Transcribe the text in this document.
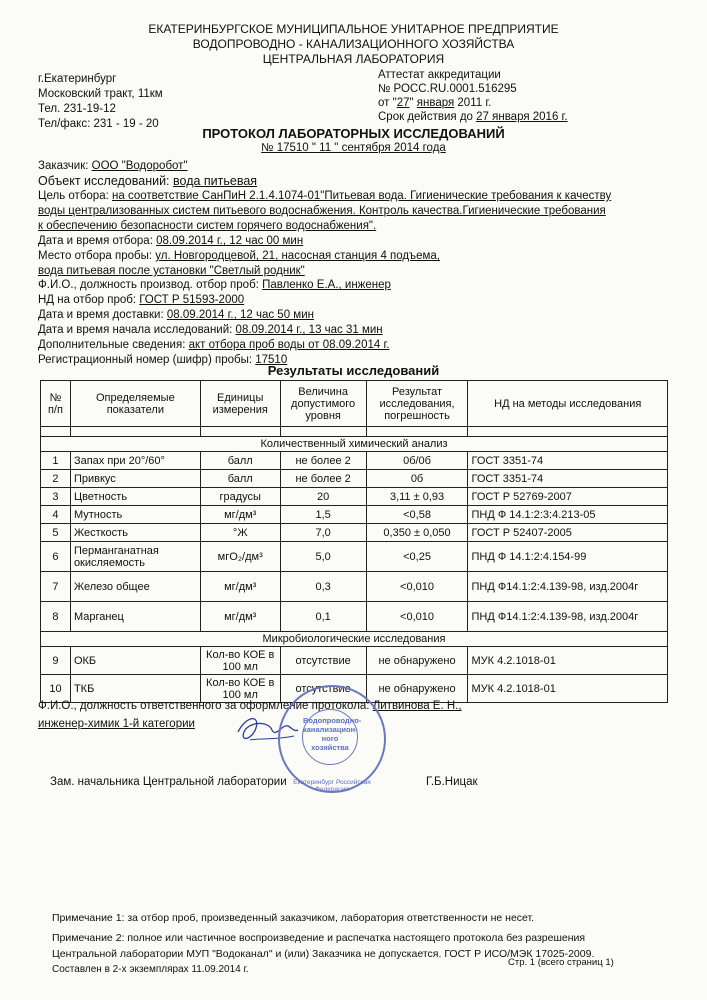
ЕКАТЕРИНБУРГСКОЕ МУНИЦИПАЛЬНОЕ УНИТАРНОЕ ПРЕДПРИЯТИЕ
ВОДОПРОВОДНО - КАНАЛИЗАЦИОННОГО ХОЗЯЙСТВА
ЦЕНТРАЛЬНАЯ ЛАБОРАТОРИЯ
г.Екатеринбург
Московский тракт, 11км
Тел. 231-19-12
Тел/факс: 231 - 19 - 20
Аттестат аккредитации
№ РОСС.RU.0001.516295
от "27" января 2011 г.
Срок действия до 27 января 2016 г.
ПРОТОКОЛ ЛАБОРАТОРНЫХ ИССЛЕДОВАНИЙ
№ 17510 " 11 " сентября 2014 года
Заказчик: ООО "Водоробот"
Объект исследований: вода питьевая
Цель отбора: на соответствие СанПиН 2.1.4.1074-01"Питьевая вода. Гигиенические требования к качеству
воды централизованных систем питьевого водоснабжения. Контроль качества.Гигиенические требования
к обеспечению безопасности систем горячего водоснабжения".
Дата и время отбора: 08.09.2014 г., 12 час 00 мин
Место отбора пробы: ул. Новгородцевой, 21, насосная станция 4 подъема,
вода питьевая после установки "Светлый родник"
Ф.И.О., должность производ. отбор проб: Павленко Е.А., инженер
НД на отбор проб: ГОСТ Р 51593-2000
Дата и время доставки: 08.09.2014 г., 12 час 50 мин
Дата и время начала исследований: 08.09.2014 г., 13 час 31 мин
Дополнительные сведения: акт отбора проб воды от 08.09.2014 г.
Регистрационный номер (шифр) пробы: 17510
Результаты исследований
№ п/п	Определяемые показатели	Единицы измерения	Величина допустимого уровня	Результат исследования, погрешность	НД на методы исследования

Количественный химический анализ					
1	Запах при 20°/60°	балл	не более 2	0б/0б	ГОСТ 3351-74
2	Привкус	балл	не более 2	0б	ГОСТ 3351-74
3	Цветность	градусы	20	3,11 ± 0,93	ГОСТ Р 52769-2007
4	Мутность	мг/дм³	1,5	<0,58	ПНД Ф 14.1:2:3:4.213-05
5	Жесткость	°Ж	7,0	0,350 ± 0,050	ГОСТ Р 52407-2005
6	Перманганатная окисляемость	мгО₂/дм³	5,0	<0,25	ПНД Ф 14.1:2:4.154-99
7	Железо общее	мг/дм³	0,3	<0,010	ПНД Ф14.1:2:4.139-98, изд.2004г
8	Марганец	мг/дм³	0,1	<0,010	ПНД Ф14.1:2:4.139-98, изд.2004г
Микробиологические исследования					
9	ОКБ	Кол-во КОЕ в 100 мл	отсутствие	не обнаружено	МУК 4.2.1018-01
10	ТКБ	Кол-во КОЕ в 100 мл	отсутствие	не обнаружено	МУК 4.2.1018-01
Ф.И.О., должность ответственного за оформление протокола: Литвинова Е. Н.,
инженер-химик 1-й категории	Водопроводно-канализацион-ного хозяйства
Екатеринбург Российская Федерация
Зам. начальника Центральной лаборатории	Г.Б.Ницак
Примечание 1: за отбор проб, произведенный заказчиком, лаборатория ответственности не несет.
Примечание 2: полное или частичное воспроизведение и распечатка настоящего протокола без разрешения
Центральной лаборатории МУП "Водоканал" и (или) Заказчика не допускается. ГОСТ Р ИСО/МЭК 17025-2009.
Составлен в 2-х экземплярах 11.09.2014 г.
Стр. 1 (всего страниц 1)
